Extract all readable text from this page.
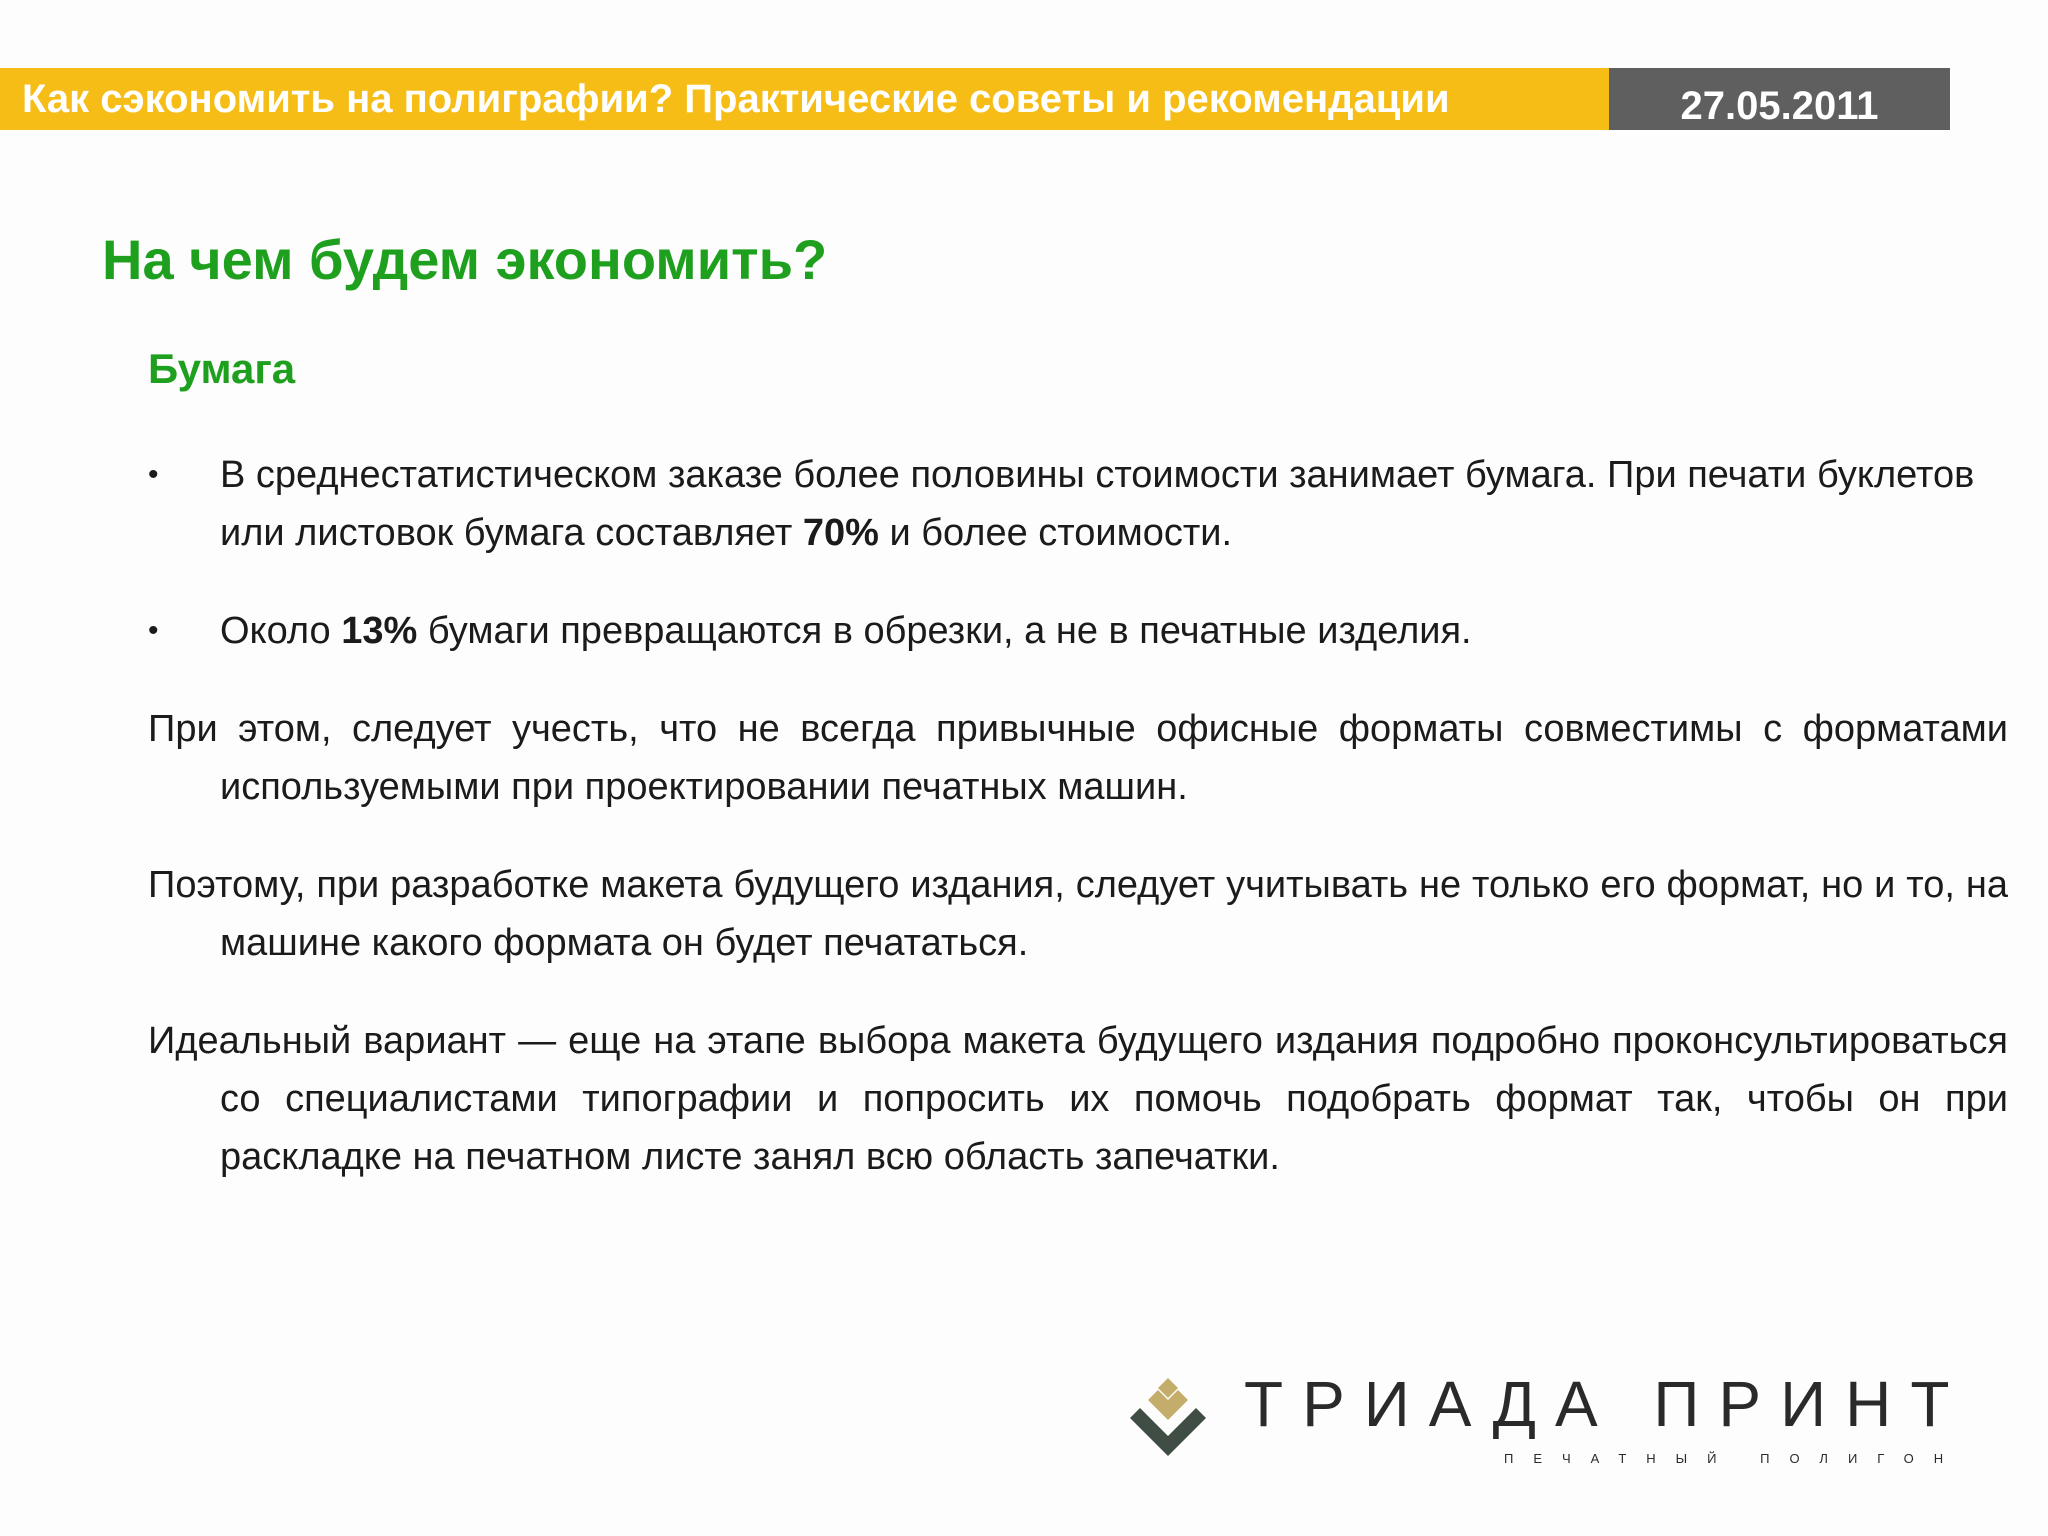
Как сэкономить на полиграфии? Практические советы и рекомендации	27.05.2011
На чем будем экономить?
Бумага
• В среднестатистическом заказе более половины стоимости занимает бумага. При печати буклетов или листовок бумага составляет 70% и более стоимости.
• Около 13% бумаги превращаются в обрезки, а не в печатные изделия.

При этом, следует учесть, что не всегда привычные офисные форматы совместимы с форматами используемыми при проектировании печатных машин.

Поэтому, при разработке макета будущего издания, следует учитывать не только его формат, но и то, на машине какого формата он будет печататься.

Идеальный вариант — еще на этапе выбора макета будущего издания подробно проконсультироваться со специалистами типографии и попросить их помочь подобрать формат так, чтобы он при раскладке на печатном листе занял всю область запечатки.

ТРИАДА ПРИНТ
ПЕЧАТНЫЙ ПОЛИГОН
